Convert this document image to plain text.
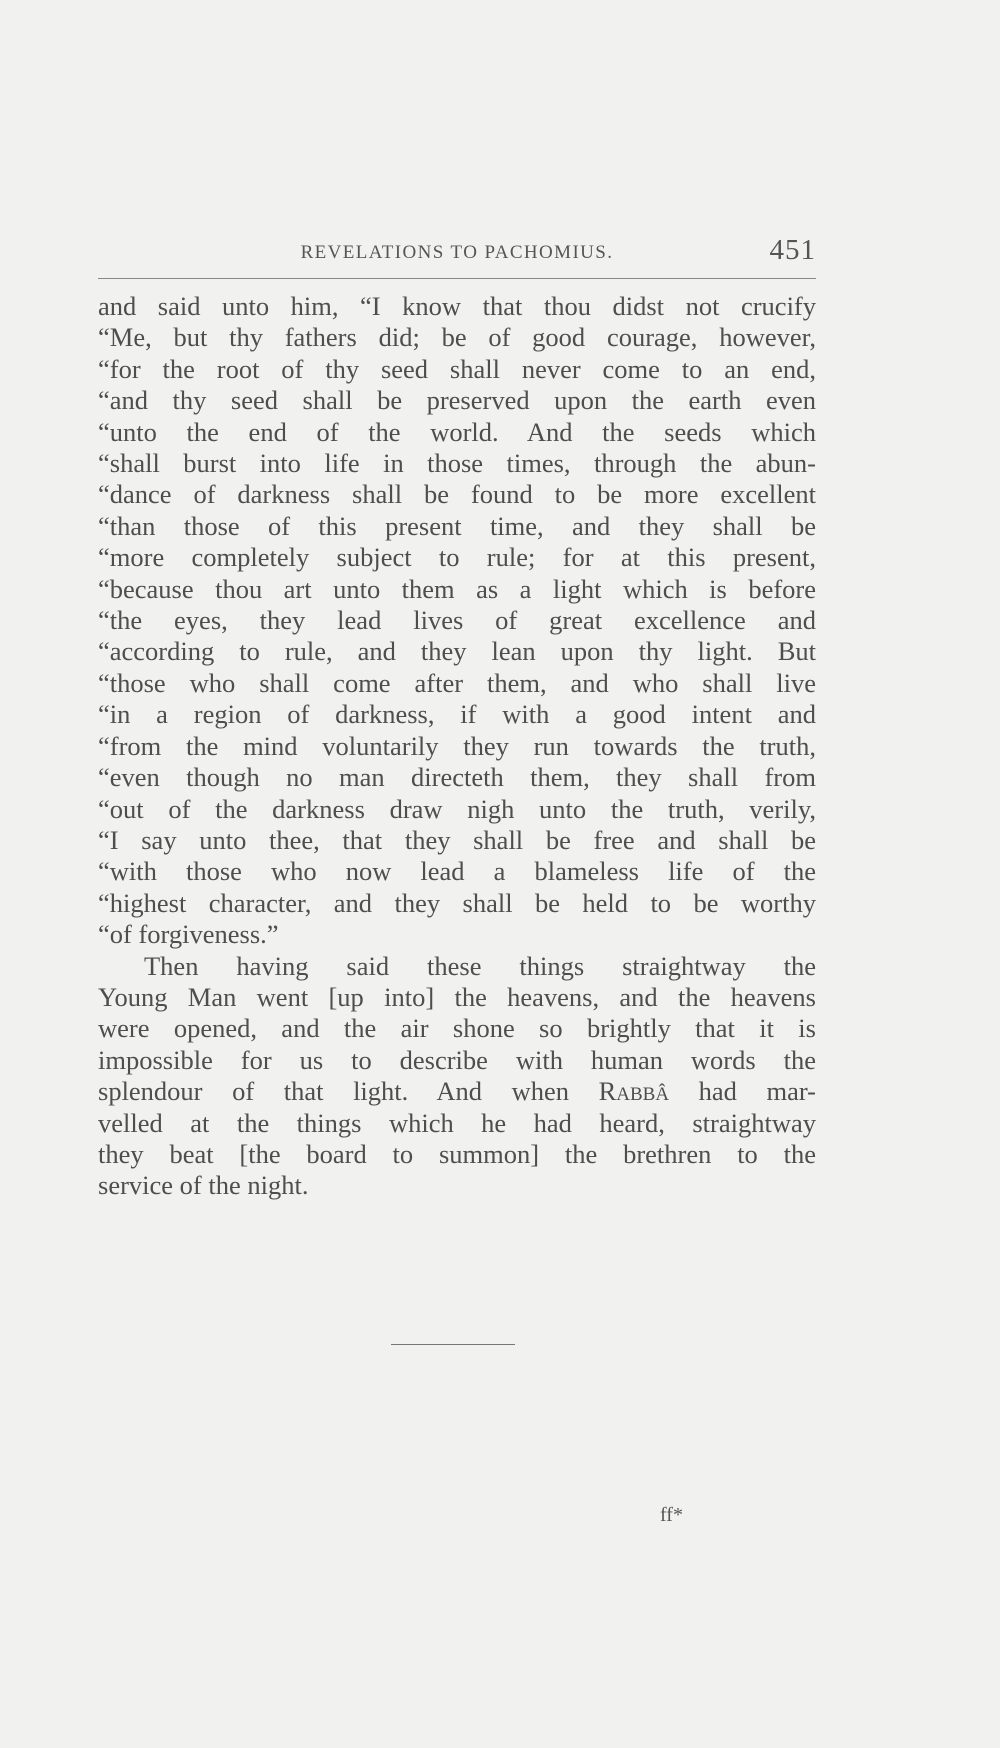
REVELATIONS TO PACHOMIUS.	451
and said unto him, “I know that thou didst not crucify
“Me, but thy fathers did; be of good courage, however,
“for the root of thy seed shall never come to an end,
“and thy seed shall be preserved upon the earth even
“unto the end of the world. And the seeds which
“shall burst into life in those times, through the abun-
“dance of darkness shall be found to be more excellent
“than those of this present time, and they shall be
“more completely subject to rule; for at this present,
“because thou art unto them as a light which is before
“the eyes, they lead lives of great excellence and
“according to rule, and they lean upon thy light. But
“those who shall come after them, and who shall live
“in a region of darkness, if with a good intent and
“from the mind voluntarily they run towards the truth,
“even though no man directeth them, they shall from
“out of the darkness draw nigh unto the truth, verily,
“I say unto thee, that they shall be free and shall be
“with those who now lead a blameless life of the
“highest character, and they shall be held to be worthy
“of forgiveness.”
Then having said these things straightway the
Young Man went [up into] the heavens, and the heavens
were opened, and the air shone so brightly that it is
impossible for us to describe with human words the
splendour of that light. And when Rabbâ had mar-
velled at the things which he had heard, straightway
they beat [the board to summon] the brethren to the
service of the night.
ff*
